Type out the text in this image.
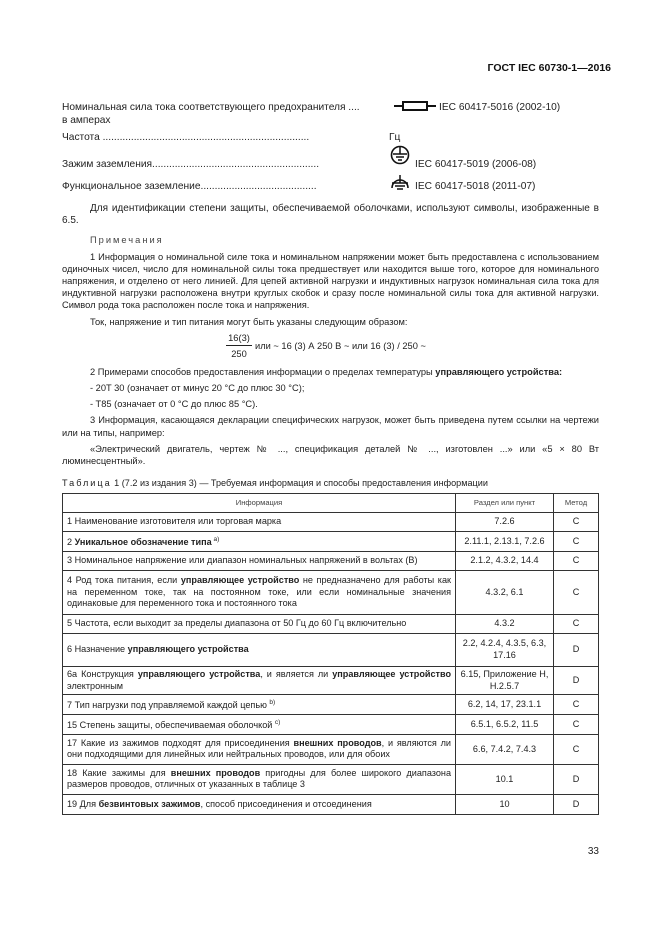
ГОСТ IEC 60730-1—2016
Номинальная сила тока соответствующего предохранителя ....
в амперах
IEC 60417-5016 (2002-10)
Частота .........................................................................	Гц
Зажим заземления...........................................................	IEC 60417-5019 (2006-08)
Функциональное заземление.........................................	IEC 60417-5018 (2011-07)
Для идентификации степени защиты, обеспечиваемой оболочками, используют символы, изображенные в 6.5.
Примечания
1 Информация о номинальной силе тока и номинальном напряжении может быть предоставлена с использованием одиночных чисел, число для номинальной силы тока предшествует или находится выше того, которое для номинального напряжения, и отделено от него линией. Для цепей активной нагрузки и индуктивных нагрузок номинальная сила тока для индуктивной нагрузки расположена внутри круглых скобок и сразу после номинальной силы тока для активной нагрузки. Символ рода тока расположен после тока и напряжения.
Ток, напряжение и тип питания могут быть указаны следующим образом:
$\frac{16(3)}{250}$ или ~ 16 (3) А 250 В ~ или 16 (3) / 250 ~
2 Примерами способов предоставления информации о пределах температуры управляющего устройства:
- 20T 30 (означает от минус 20 °С до плюс 30 °С);
- T85 (означает от 0 °С до плюс 85 °С).
3 Информация, касающаяся декларации специфических нагрузок, может быть приведена путем ссылки на чертежи или на типы, например:
«Электрический двигатель, чертеж № ..., спецификация деталей № ..., изготовлен ...» или «5 × 80 Вт люминесцентный».
Таблица 1 (7.2 из издания 3) — Требуемая информация и способы предоставления информации
Информация	Раздел или пункт	Метод
1 Наименование изготовителя или торговая марка	7.2.6	C
2 Уникальное обозначение типа $^{a)}$	2.11.1, 2.13.1, 7.2.6	C
3 Номинальное напряжение или диапазон номинальных напряжений в вольтах (В)	2.1.2, 4.3.2, 14.4	C
4 Род тока питания, если управляющее устройство не предназначено для работы как на переменном токе, так на постоянном токе, или если номинальные значения одинаковые для переменного тока и постоянного тока	4.3.2, 6.1	C
5 Частота, если выходит за пределы диапазона от 50 Гц до 60 Гц включительно	4.3.2	C
6 Назначение управляющего устройства	2.2, 4.2.4, 4.3.5, 6.3, 17.16	D
6а Конструкция управляющего устройства, и является ли управляющее устройство электронным	6.15, Приложение Н, Н.2.5.7	D
7 Тип нагрузки под управляемой каждой цепью $^{b)}$	6.2, 14, 17, 23.1.1	C
15 Степень защиты, обеспечиваемая оболочкой $^{c)}$	6.5.1, 6.5.2, 11.5	C
17 Какие из зажимов подходят для присоединения внешних проводов, и являются ли они подходящими для линейных или нейтральных проводов, или для обоих	6.6, 7.4.2, 7.4.3	C
18 Какие зажимы для внешних проводов пригодны для более широкого диапазона размеров проводов, отличных от указанных в таблице 3	10.1	D
19 Для безвинтовых зажимов, способ присоединения и отсоединения	10	D
33
